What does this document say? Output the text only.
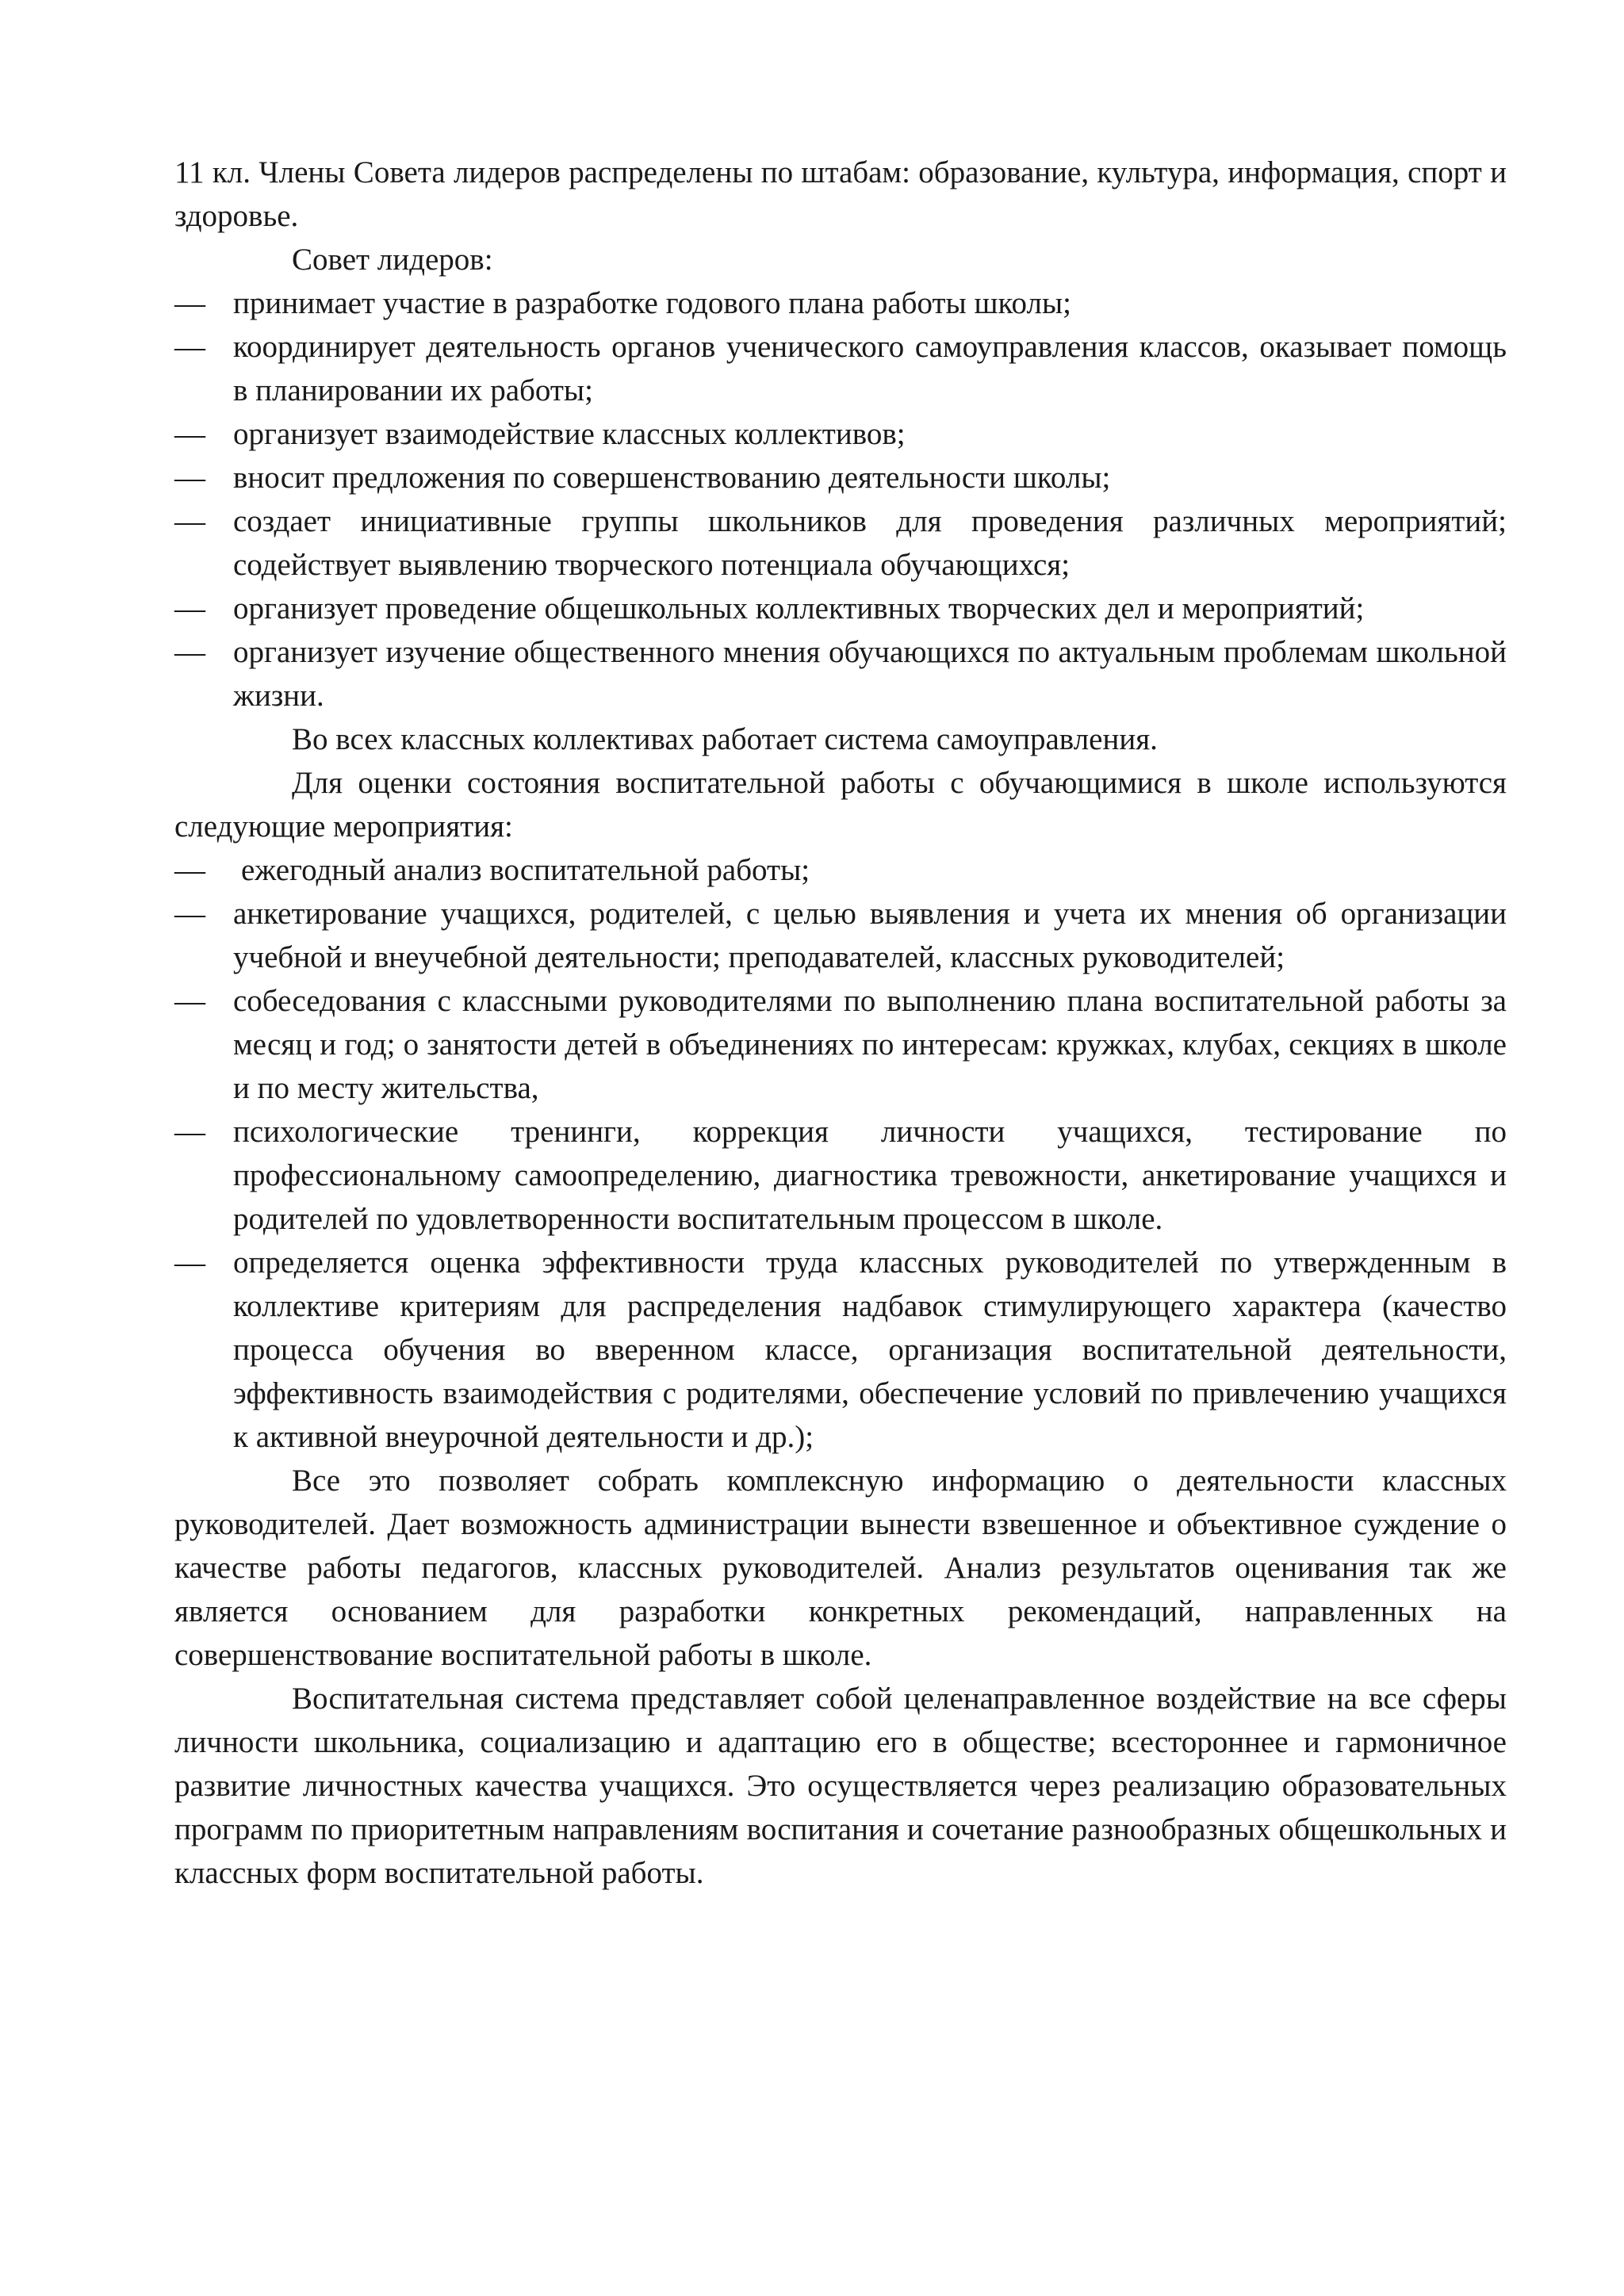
11 кл. Члены Совета лидеров распределены по штабам: образование, культура, информация, спорт и здоровье.

Совет лидеров:

— принимает участие в разработке годового плана работы школы;
— координирует деятельность органов ученического самоуправления классов, оказывает помощь в планировании их работы;
— организует взаимодействие классных коллективов;
— вносит предложения по совершенствованию деятельности школы;
— создает инициативные группы школьников для проведения различных мероприятий; содействует выявлению творческого потенциала обучающихся;
— организует проведение общешкольных коллективных творческих дел и мероприятий;
— организует изучение общественного мнения обучающихся по актуальным проблемам школьной жизни.

Во всех классных коллективах работает система самоуправления.

Для оценки состояния воспитательной работы с обучающимися в школе используются следующие мероприятия:

—	ежегодный анализ воспитательной работы;
— анкетирование учащихся, родителей, с целью выявления и учета их мнения об организации учебной и внеучебной деятельности; преподавателей, классных руководителей;
— собеседования с классными руководителями по выполнению плана воспитательной работы за месяц и год; о занятости детей в объединениях по интересам: кружках, клубах, секциях в школе и по месту жительства,
— психологические тренинги, коррекция личности учащихся, тестирование по профессиональному самоопределению, диагностика тревожности, анкетирование учащихся и родителей по удовлетворенности воспитательным процессом в школе.
— определяется оценка эффективности труда классных руководителей по утвержденным в коллективе критериям для распределения надбавок стимулирующего характера (качество процесса обучения во вверенном классе, организация воспитательной деятельности, эффективность взаимодействия с родителями, обеспечение условий по привлечению учащихся к активной внеурочной деятельности и др.);

Все это позволяет собрать комплексную информацию о деятельности классных руководителей. Дает возможность администрации вынести взвешенное и объективное суждение о качестве работы педагогов, классных руководителей. Анализ результатов оценивания так же является основанием для разработки конкретных рекомендаций, направленных на совершенствование воспитательной работы в школе.

Воспитательная система представляет собой целенаправленное воздействие на все сферы личности школьника, социализацию и адаптацию его в обществе; всестороннее и гармоничное развитие личностных качества учащихся. Это осуществляется через реализацию образовательных программ по приоритетным направлениям воспитания и сочетание разнообразных общешкольных и классных форм воспитательной работы.
